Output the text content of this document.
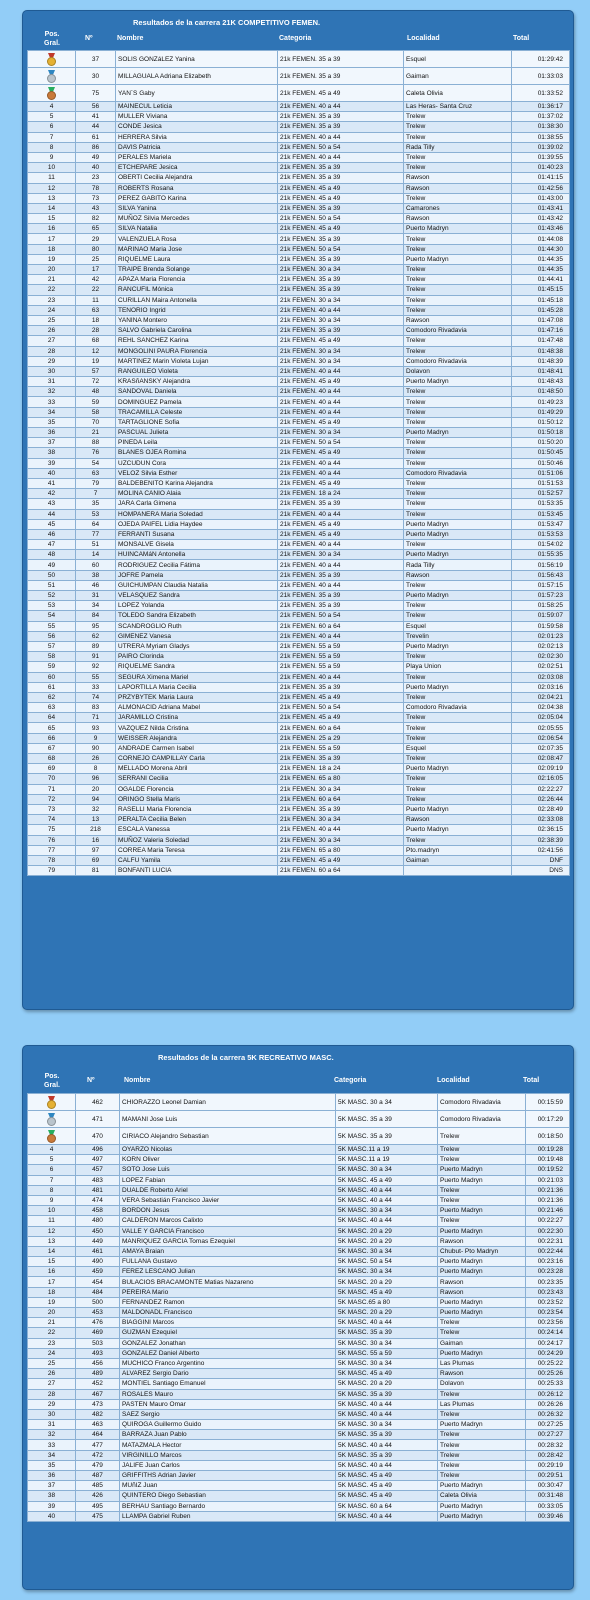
Resultados de la carrera 21K COMPETITIVO FEMEN.
Pos. Gral.
Nº	Nombre	Categoria	Localidad	Total
	37	SOLIS GONZáLEZ Yanina	21k FEMEN. 35 a 39	Esquel	01:29:42
	30	MILLAGUALA Adriana Elizabeth	21k FEMEN. 35 a 39	Gaiman	01:33:03
	75	YAN`S Gaby	21k FEMEN. 45 a 49	Caleta Olivia	01:33:52
4	56	MAINECUL Leticia	21k FEMEN. 40 a 44	Las Heras- Santa Cruz	01:36:17
5	41	MULLER Viviana	21k FEMEN. 35 a 39	Trelew	01:37:02
6	44	CONDE Jesica	21k FEMEN. 35 a 39	Trelew	01:38:30
7	61	HERRERA Silvia	21k FEMEN. 40 a 44	Trelew	01:38:55
8	86	DAVIS Patricia	21k FEMEN. 50 a 54	Rada Tilly	01:39:02
9	49	PERALES Mariela	21k FEMEN. 40 a 44	Trelew	01:39:55
10	40	ETCHEPARE Jesica	21k FEMEN. 35 a 39	Trelew	01:40:23
11	23	OBERTI Cecilia Alejandra	21k FEMEN. 35 a 39	Rawson	01:41:15
12	78	ROBERTS Rosana	21k FEMEN. 45 a 49	Rawson	01:42:56
13	73	PEREZ GABITO Karina	21k FEMEN. 45 a 49	Trelew	01:43:00
14	43	SILVA Yanina	21k FEMEN. 35 a 39	Camarones	01:43:41
15	82	MUÑOZ Silvia Mercedes	21k FEMEN. 50 a 54	Rawson	01:43:42
16	65	SILVA Natalia	21k FEMEN. 45 a 49	Puerto Madryn	01:43:46
17	29	VALENZUELA Rosa	21k FEMEN. 35 a 39	Trelew	01:44:08
18	80	MARINAO Maria Jose	21k FEMEN. 50 a 54	Trelew	01:44:30
19	25	RIQUELME Laura	21k FEMEN. 35 a 39	Puerto Madryn	01:44:35
20	17	TRAIPE Brenda Solange	21k FEMEN. 30 a 34	Trelew	01:44:35
21	42	APAZA Maria Florencia	21k FEMEN. 35 a 39	Trelew	01:44:41
22	22	RANCUFIL Mónica	21k FEMEN. 35 a 39	Trelew	01:45:15
23	11	CURILLAN Maira Antonella	21k FEMEN. 30 a 34	Trelew	01:45:18
24	63	TENORIO Ingrid	21k FEMEN. 40 a 44	Trelew	01:45:28
25	18	YANINA Montero	21k FEMEN. 30 a 34	Rawson	01:47:08
26	28	SALVO Gabriela Carolina	21k FEMEN. 35 a 39	Comodoro Rivadavia	01:47:16
27	68	REHL SANCHEZ Karina	21k FEMEN. 45 a 49	Trelew	01:47:48
28	12	MONGOLINI PAURA Florencia	21k FEMEN. 30 a 34	Trelew	01:48:38
29	19	MARTINEZ Marin Violeta Lujan	21k FEMEN. 30 a 34	Comodoro Rivadavia	01:48:39
30	57	RANGUILEO Violeta	21k FEMEN. 40 a 44	Dolavon	01:48:41
31	72	KRASñANSKY Alejandra	21k FEMEN. 45 a 49	Puerto Madryn	01:48:43
32	48	SANDOVAL Daniela	21k FEMEN. 40 a 44	Trelew	01:48:50
33	59	DOMINGUEZ Pamela	21k FEMEN. 40 a 44	Trelew	01:49:23
34	58	TRACAMILLA Celeste	21k FEMEN. 40 a 44	Trelew	01:49:29
35	70	TARTAGLIONE Sofia	21k FEMEN. 45 a 49	Trelew	01:50:12
36	21	PASCUAL Julieta	21k FEMEN. 30 a 34	Puerto Madryn	01:50:18
37	88	PINEDA Leila	21k FEMEN. 50 a 54	Trelew	01:50:20
38	76	BLANES OJEA Romina	21k FEMEN. 45 a 49	Trelew	01:50:45
39	54	UZCUDUN Cora	21k FEMEN. 40 a 44	Trelew	01:50:46
40	63	VELOZ Silvia Esther	21k FEMEN. 40 a 44	Comodoro Rivadavia	01:51:06
41	79	BALDEBENITO Karina Alejandra	21k FEMEN. 45 a 49	Trelew	01:51:53
42	7	MOLINA CANIO Alaia	21k FEMEN. 18 a 24	Trelew	01:52:57
43	35	JARA Carla Gimena	21k FEMEN. 35 a 39	Trelew	01:53:35
44	53	HOMPANERA Maria Soledad	21k FEMEN. 40 a 44	Trelew	01:53:45
45	64	OJEDA PAIFEL Lidia Haydee	21k FEMEN. 45 a 49	Puerto Madryn	01:53:47
46	77	FERRANTI Susana	21k FEMEN. 45 a 49	Puerto Madryn	01:53:53
47	51	MONSALVE Gisela	21k FEMEN. 40 a 44	Trelew	01:54:02
48	14	HUINCAMáN Antonella	21k FEMEN. 30 a 34	Puerto Madryn	01:55:35
49	60	RODRIGUEZ Cecilia Fátima	21k FEMEN. 40 a 44	Rada Tilly	01:56:19
50	38	JOFRE Pamela	21k FEMEN. 35 a 39	Rawson	01:56:43
51	46	GUICHUMPAN Claudia Natalia	21k FEMEN. 40 a 44	Trelew	01:57:15
52	31	VELASQUEZ Sandra	21k FEMEN. 35 a 39	Puerto Madryn	01:57:23
53	34	LOPEZ Yolanda	21k FEMEN. 35 a 39	Trelew	01:58:25
54	84	TOLEDO Sandra Elizabeth	21k FEMEN. 50 a 54	Trelew	01:59:07
55	95	SCANDROGLIO Ruth	21k FEMEN. 60 a 64	Esquel	01:59:58
56	62	GIMENEZ Vanesa	21k FEMEN. 40 a 44	Trevelin	02:01:23
57	89	UTRERA Myriam Gladys	21k FEMEN. 55 a 59	Puerto Madryn	02:02:13
58	91	PAIRO Clorinda	21k FEMEN. 55 a 59	Trelew	02:02:30
59	92	RIQUELME Sandra	21k FEMEN. 55 a 59	Playa Union	02:02:51
60	55	SEGURA Ximena Mariel	21k FEMEN. 40 a 44	Trelew	02:03:08
61	33	LAPORTILLA Maria Cecilia	21k FEMEN. 35 a 39	Puerto Madryn	02:03:16
62	74	PRZYBYTEK Maria Laura	21k FEMEN. 45 a 49	Trelew	02:04:21
63	83	ALMONACID Adriana Mabel	21k FEMEN. 50 a 54	Comodoro Rivadavia	02:04:38
64	71	JARAMILLO Cristina	21k FEMEN. 45 a 49	Trelew	02:05:04
65	93	VAZQUEZ Nilda Cristina	21k FEMEN. 60 a 64	Trelew	02:05:55
66	9	WEISSER Alejandra	21k FEMEN. 25 a 29	Trelew	02:06:54
67	90	ANDRADE Carmen Isabel	21k FEMEN. 55 a 59	Esquel	02:07:35
68	26	CORNEJO CAMPILLAY Carla	21k FEMEN. 35 a 39	Trelew	02:08:47
69	8	MELLADO Morena Abril	21k FEMEN. 18 a 24	Puerto Madryn	02:09:19
70	96	SERRANI Cecilia	21k FEMEN. 65 a 80	Trelew	02:16:05
71	20	OGALDE Florencia	21k FEMEN. 30 a 34	Trelew	02:22:27
72	94	ORINGO Stella Maris	21k FEMEN. 60 a 64	Trelew	02:26:44
73	32	RASELLI Maria Florencia	21k FEMEN. 35 a 39	Puerto Madryn	02:28:49
74	13	PERALTA Cecilia Belen	21k FEMEN. 30 a 34	Rawson	02:33:08
75	218	ESCALA Vanessa	21k FEMEN. 40 a 44	Puerto Madryn	02:36:15
76	16	MUÑOZ Valeria Soledad	21k FEMEN. 30 a 34	Trelew	02:38:39
77	97	CORREA Maria Teresa	21k FEMEN. 65 a 80	Pto.madryn	02:41:56
78	69	CALFU Yamila	21k FEMEN. 45 a 49	Gaiman	DNF
79	81	BONFANTI LUCIA	21k FEMEN. 60 a 64		DNS
Resultados de la carrera 5K RECREATIVO MASC.
Pos. Gral.
Nº	Nombre	Categoria	Localidad	Total
	462	CHIORAZZO Leonel Damian	5K MASC. 30 a 34	Comodoro Rivadavia	00:15:59
	471	MAMANI Jose Luis	5K MASC. 35 a 39	Comodoro Rivadavia	00:17:29
	470	CIRIACO Alejandro Sebastian	5K MASC. 35 a 39	Trelew	00:18:50
4	496	OYARZO Nicolas	5K MASC.11 a 19	Trelew	00:19:28
5	497	KORN Oliver	5K MASC.11 a 19	Trelew	00:19:48
6	457	SOTO Jose Luis	5K MASC. 30 a 34	Puerto Madryn	00:19:52
7	483	LOPEZ Fabian	5K MASC. 45 a 49	Puerto Madryn	00:21:03
8	481	DUALDE Roberto Ariel	5K MASC. 40 a 44	Trelew	00:21:36
9	474	VERA Sebastián Francisco Javier	5K MASC. 40 a 44	Trelew	00:21:36
10	458	BORDON Jesus	5K MASC. 30 a 34	Puerto Madryn	00:21:46
11	480	CALDERON Marcos Calixto	5K MASC. 40 a 44	Trelew	00:22:27
12	450	VALLE Y GARCIA Francisco	5K MASC. 20 a 29	Puerto Madryn	00:22:30
13	449	MANRIQUEZ GARCIA Tomas Ezequiel	5K MASC. 20 a 29	Rawson	00:22:31
14	461	AMAYA Braian	5K MASC. 30 a 34	Chubut- Pto Madryn	00:22:44
15	490	FULLANA Gustavo	5K MASC. 50 a 54	Puerto Madryn	00:23:16
16	459	FEREZ LESCANO Julian	5K MASC. 30 a 34	Puerto Madryn	00:23:28
17	454	BULACIOS BRACAMONTE Matias Nazareno	5K MASC. 20 a 29	Rawson	00:23:35
18	484	PEREIRA Mario	5K MASC. 45 a 49	Rawson	00:23:43
19	500	FERNANDEZ Ramon	5K MASC.65 a 80	Puerto Madryn	00:23:52
20	453	MALDONADL Francisco	5K MASC. 20 a 29	Puerto Madryn	00:23:54
21	476	BIAGGINI Marcos	5K MASC. 40 a 44	Trelew	00:23:56
22	469	GUZMAN Ezequiel	5K MASC. 35 a 39	Trelew	00:24:14
23	503	GONZALEZ Jonathan	5K MASC. 30 a 34	Gaiman	00:24:17
24	493	GONZALEZ Daniel Alberto	5K MASC. 55 a 59	Puerto Madryn	00:24:29
25	456	MUCHICO Franco Argentino	5K MASC. 30 a 34	Las Plumas	00:25:22
26	489	ALVAREZ Sergio Dario	5K MASC. 45 a 49	Rawson	00:25:26
27	452	MONTIEL Santiago Emanuel	5K MASC. 20 a 29	Dolavon	00:25:33
28	467	ROSALES Mauro	5K MASC. 35 a 39	Trelew	00:26:12
29	473	PASTEN Mauro Omar	5K MASC. 40 a 44	Las Plumas	00:26:26
30	482	SAEZ Sergio	5K MASC. 40 a 44	Trelew	00:26:32
31	463	QUIROGA Guillermo Guido	5K MASC. 30 a 34	Puerto Madryn	00:27:25
32	464	BARRAZA Juan Pablo	5K MASC. 35 a 39	Trelew	00:27:27
33	477	MATAZMALA Hector	5K MASC. 40 a 44	Trelew	00:28:32
34	472	VIRGINILLO Marcos	5K MASC. 35 a 39	Trelew	00:28:42
35	479	JALIFE Juan Carlos	5K MASC. 40 a 44	Trelew	00:29:19
36	487	GRIFFITHS Adrian Javier	5K MASC. 45 a 49	Trelew	00:29:51
37	485	MUñIZ Juan	5K MASC. 45 a 49	Puerto Madryn	00:30:47
38	426	QUINTERO Diego Sebastian	5K MASC. 45 a 49	Caleta Olivia	00:31:48
39	495	BERHAU Santiago Bernardo	5K MASC. 60 a 64	Puerto Madryn	00:33:05
40	475	LLAMPA Gabriel Ruben	5K MASC. 40 a 44	Puerto Madryn	00:39:46
